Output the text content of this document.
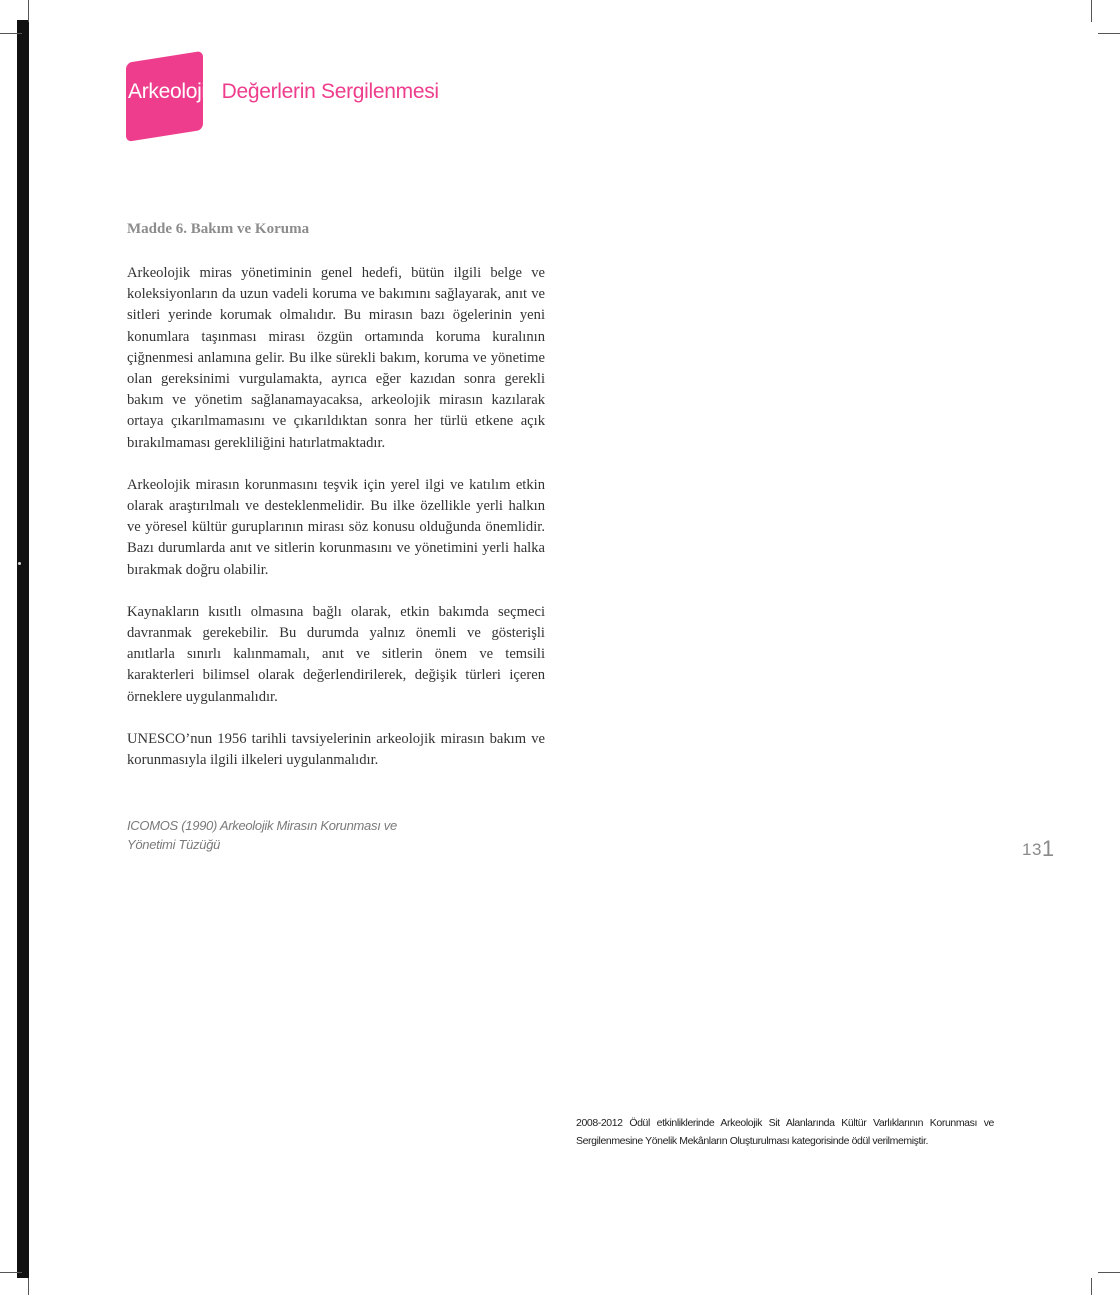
Arkeolojik Değerlerin Sergilenmesi
Madde 6. Bakım ve Koruma

Arkeolojik miras yönetiminin genel hedefi, bütün ilgili belge ve koleksiyonların da uzun vadeli koruma ve bakımını sağlayarak, anıt ve sitleri yerinde korumak olmalıdır. Bu mirasın bazı ögelerinin yeni konumlara taşınması mirası özgün ortamında koruma kuralının çiğnenmesi anlamına gelir. Bu ilke sürekli bakım, koruma ve yönetime olan gereksinimi vurgulamakta, ayrıca eğer kazıdan sonra gerekli bakım ve yönetim sağlanamayacaksa, arkeolojik mirasın kazılarak ortaya çıkarılmamasını ve çıkarıldıktan sonra her türlü etkene açık bırakılmaması gerekliliğini hatırlatmaktadır.

Arkeolojik mirasın korunmasını teşvik için yerel ilgi ve katılım etkin olarak araştırılmalı ve desteklenmelidir. Bu ilke özellikle yerli halkın ve yöresel kültür guruplarının mirası söz konusu olduğunda önemlidir. Bazı durumlarda anıt ve sitlerin korunmasını ve yönetimini yerli halka bırakmak doğru olabilir.

Kaynakların kısıtlı olmasına bağlı olarak, etkin bakımda seçmeci davranmak gerekebilir. Bu durumda yalnız önemli ve gösterişli anıtlarla sınırlı kalınmamalı, anıt ve sitlerin önem ve temsili karakterleri bilimsel olarak değerlendirilerek, değişik türleri içeren örneklere uygulanmalıdır.

UNESCO’nun 1956 tarihli tavsiyelerinin arkeolojik mirasın bakım ve korunmasıyla ilgili ilkeleri uygulanmalıdır.

ICOMOS (1990) Arkeolojik Mirasın Korunması ve
Yönetimi Tüzüğü	131
2008-2012 Ödül etkinliklerinde Arkeolojik Sit Alanlarında Kültür Varlıklarının Korunması ve Sergilenmesine Yönelik Mekânların Oluşturulması kategorisinde ödül verilmemiştir.
